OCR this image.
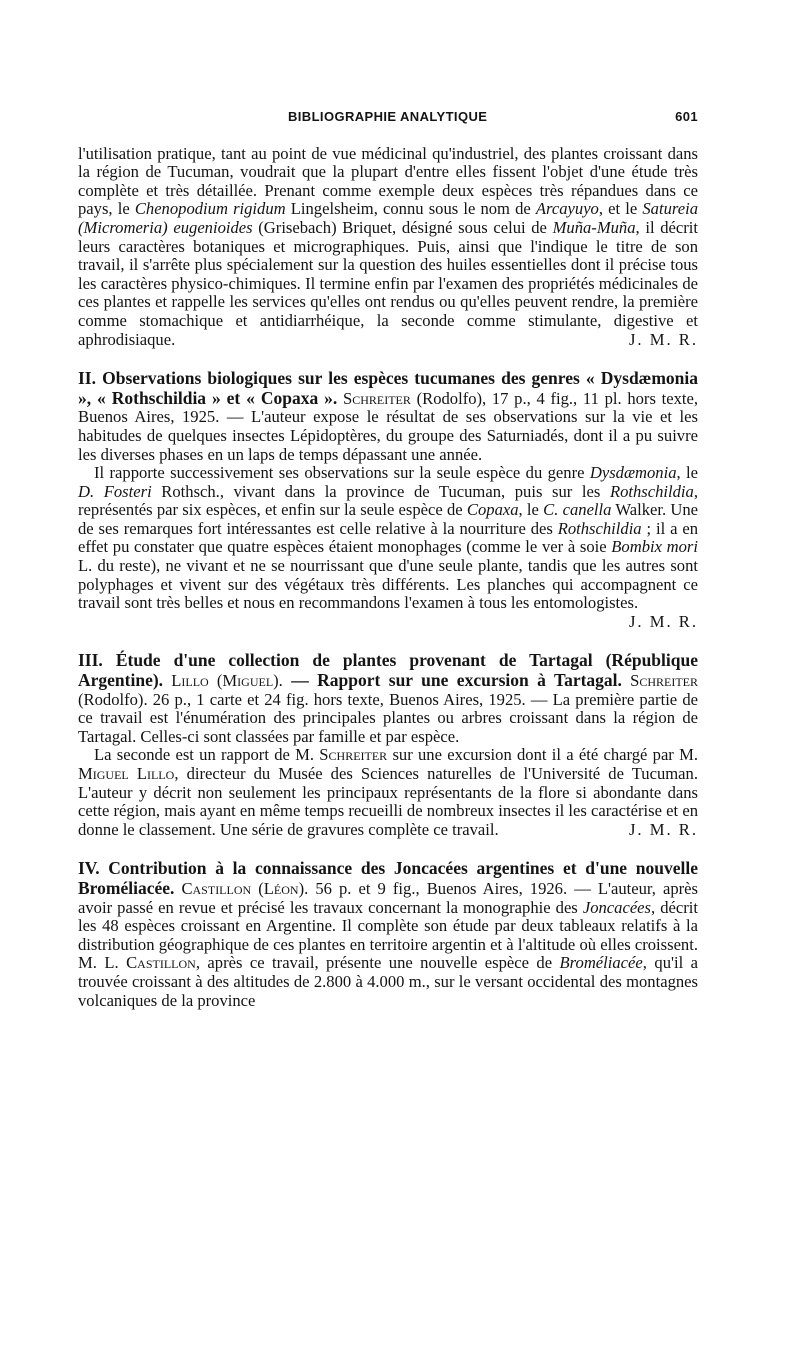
BIBLIOGRAPHIE ANALYTIQUE	601

l'utilisation pratique, tant au point de vue médicinal qu'industriel, des plantes croissant dans la région de Tucuman, voudrait que la plupart d'entre elles fissent l'objet d'une étude très complète et très détaillée. Prenant comme exemple deux espèces très répandues dans ce pays, le Chenopodium rigidum Lingelsheim, connu sous le nom de Arcayuyo, et le Satureia (Micromeria) eugenioides (Grisebach) Briquet, désigné sous celui de Muña-Muña, il décrit leurs caractères botaniques et micrographiques. Puis, ainsi que l'indique le titre de son travail, il s'arrête plus spécialement sur la question des huiles essentielles dont il précise tous les caractères physico-chimiques. Il termine enfin par l'examen des propriétés médicinales de ces plantes et rappelle les services qu'elles ont rendus ou qu'elles peuvent rendre, la première comme stomachique et antidiarrhéique, la seconde comme stimulante, digestive et aphrodisiaque.	J. M. R.

II. Observations biologiques sur les espèces tucumanes des genres « Dysdæmonia », « Rothschildia » et « Copaxa ». Schreiter (Rodolfo), 17 p., 4 fig., 11 pl. hors texte, Buenos Aires, 1925. — L'auteur expose le résultat de ses observations sur la vie et les habitudes de quelques insectes Lépidoptères, du groupe des Saturniadés, dont il a pu suivre les diverses phases en un laps de temps dépassant une année.

Il rapporte successivement ses observations sur la seule espèce du genre Dysdæmonia, le D. Fosteri Rothsch., vivant dans la province de Tucuman, puis sur les Rothschildia, représentés par six espèces, et enfin sur la seule espèce de Copaxa, le C. canella Walker. Une de ses remarques fort intéressantes est celle relative à la nourriture des Rothschildia ; il a en effet pu constater que quatre espèces étaient monophages (comme le ver à soie Bombix mori L. du reste), ne vivant et ne se nourrissant que d'une seule plante, tandis que les autres sont polyphages et vivent sur des végétaux très différents. Les planches qui accompagnent ce travail sont très belles et nous en recommandons l'examen à tous les entomologistes.
J. M. R.

III. Étude d'une collection de plantes provenant de Tartagal (République Argentine). Lillo (Miguel). — Rapport sur une excursion à Tartagal. Schreiter (Rodolfo). 26 p., 1 carte et 24 fig. hors texte, Buenos Aires, 1925. — La première partie de ce travail est l'énumération des principales plantes ou arbres croissant dans la région de Tartagal. Celles-ci sont classées par famille et par espèce.

La seconde est un rapport de M. Schreiter sur une excursion dont il a été chargé par M. Miguel Lillo, directeur du Musée des Sciences naturelles de l'Université de Tucuman. L'auteur y décrit non seulement les principaux représentants de la flore si abondante dans cette région, mais ayant en même temps recueilli de nombreux insectes il les caractérise et en donne le classement. Une série de gravures complète ce travail.	J. M. R.

IV. Contribution à la connaissance des Joncacées argentines et d'une nouvelle Broméliacée. Castillon (Léon). 56 p. et 9 fig., Buenos Aires, 1926. — L'auteur, après avoir passé en revue et précisé les travaux concernant la monographie des Joncacées, décrit les 48 espèces croissant en Argentine. Il complète son étude par deux tableaux relatifs à la distribution géographique de ces plantes en territoire argentin et à l'altitude où elles croissent. M. L. Castillon, après ce travail, présente une nouvelle espèce de Broméliacée, qu'il a trouvée croissant à des altitudes de 2.800 à 4.000 m., sur le versant occidental des montagnes volcaniques de la province
